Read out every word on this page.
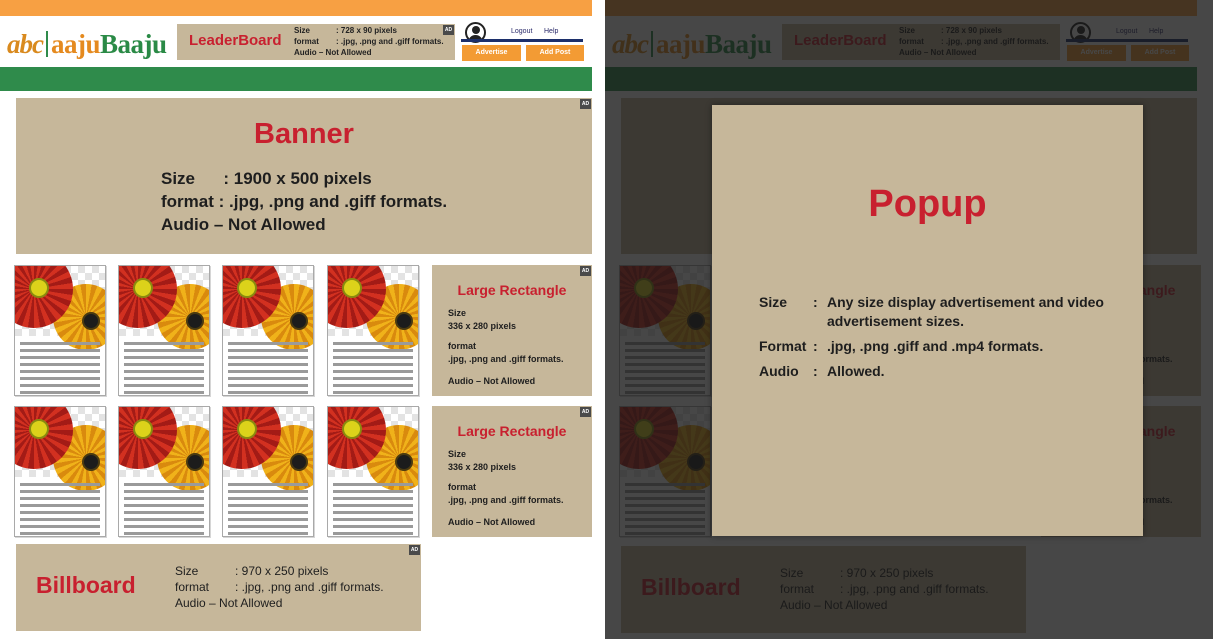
abc aajuBaaju LeaderBoard
Size	: 728 x 90 pixels
format	: .jpg, .png and .giff formats.
Audio – Not Allowed
AD	Logout Help
Advertise	Add Post
Banner
Size      : 1900 x 500 pixels
format : .jpg, .png and .giff formats.
Audio – Not Allowed
AD
Large Rectangle
Size
336 x 280 pixels
format
.jpg, .png and .giff formats.
Audio – Not Allowed
AD
Large Rectangle
Size
336 x 280 pixels
format
.jpg, .png and .giff formats.
Audio – Not Allowed
AD
Billboard
Size	: 970 x 250 pixels
format	: .jpg, .png and .giff formats.
Audio – Not Allowed
AD
Popup
Size	: Any size display advertisement and video
advertisement sizes.
Format : .jpg, .png .giff and .mp4 formats.
Audio	: Allowed.
